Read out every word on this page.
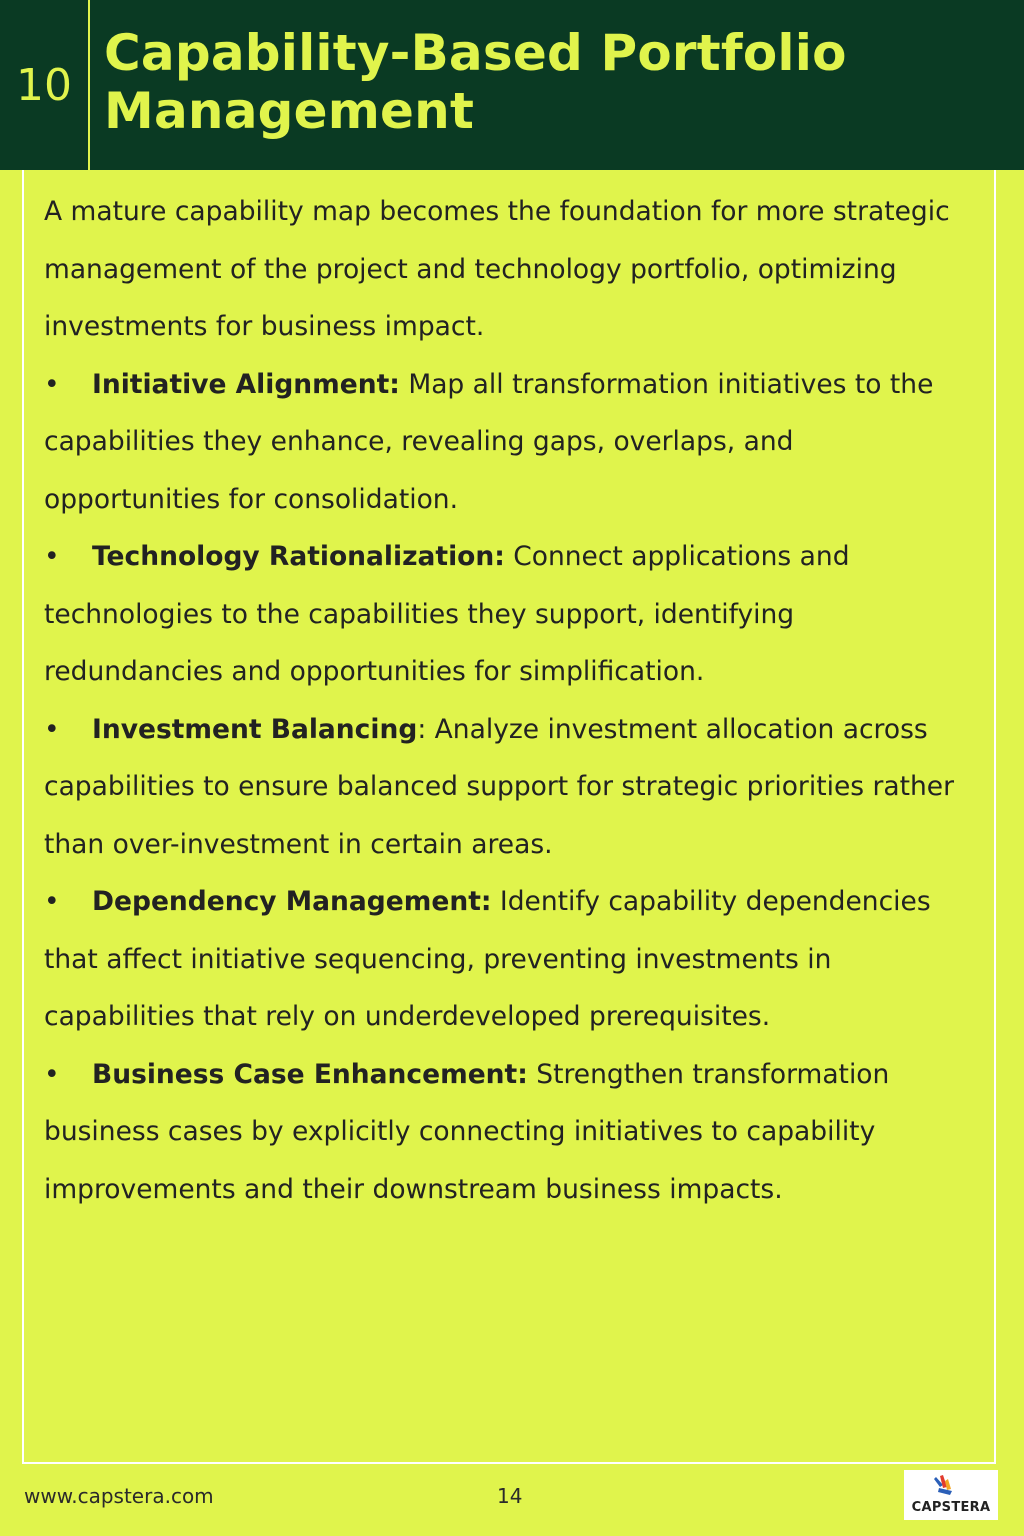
10
Capability-Based Portfolio
Management

A mature capability map becomes the foundation for more strategic management of the project and technology portfolio, optimizing investments for business impact.

• Initiative Alignment: Map all transformation initiatives to the capabilities they enhance, revealing gaps, overlaps, and opportunities for consolidation.

• Technology Rationalization: Connect applications and technologies to the capabilities they support, identifying redundancies and opportunities for simplification.

• Investment Balancing: Analyze investment allocation across capabilities to ensure balanced support for strategic priorities rather than over-investment in certain areas.

• Dependency Management: Identify capability dependencies that affect initiative sequencing, preventing investments in capabilities that rely on underdeveloped prerequisites.

• Business Case Enhancement: Strengthen transformation business cases by explicitly connecting initiatives to capability improvements and their downstream business impacts.

www.capstera.com	14	CAPSTERA
